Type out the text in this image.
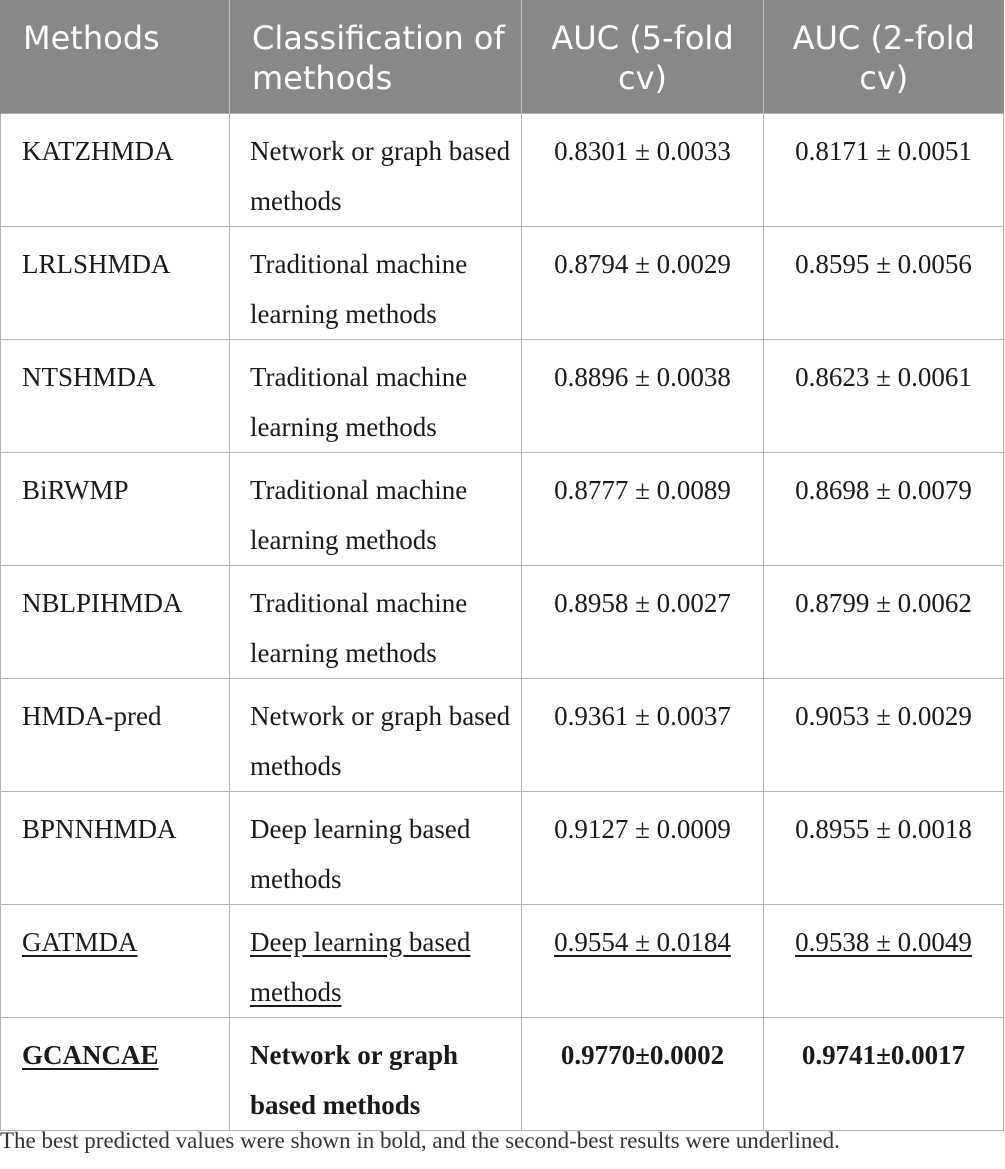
Methods	Classification of methods	AUC (5-fold cv)	AUC (2-fold cv)
KATZHMDA	Network or graph based methods	0.8301 ± 0.0033	0.8171 ± 0.0051
LRLSHMDA	Traditional machine learning methods	0.8794 ± 0.0029	0.8595 ± 0.0056
NTSHMDA	Traditional machine learning methods	0.8896 ± 0.0038	0.8623 ± 0.0061
BiRWMP	Traditional machine learning methods	0.8777 ± 0.0089	0.8698 ± 0.0079
NBLPIHMDA	Traditional machine learning methods	0.8958 ± 0.0027	0.8799 ± 0.0062
HMDA-pred	Network or graph based methods	0.9361 ± 0.0037	0.9053 ± 0.0029
BPNNHMDA	Deep learning based methods	0.9127 ± 0.0009	0.8955 ± 0.0018
GATMDA	Deep learning based methods	0.9554 ± 0.0184	0.9538 ± 0.0049
GCANCAE	Network or graph based methods	0.9770±0.0002	0.9741±0.0017
The best predicted values were shown in bold, and the second-best results were underlined.
